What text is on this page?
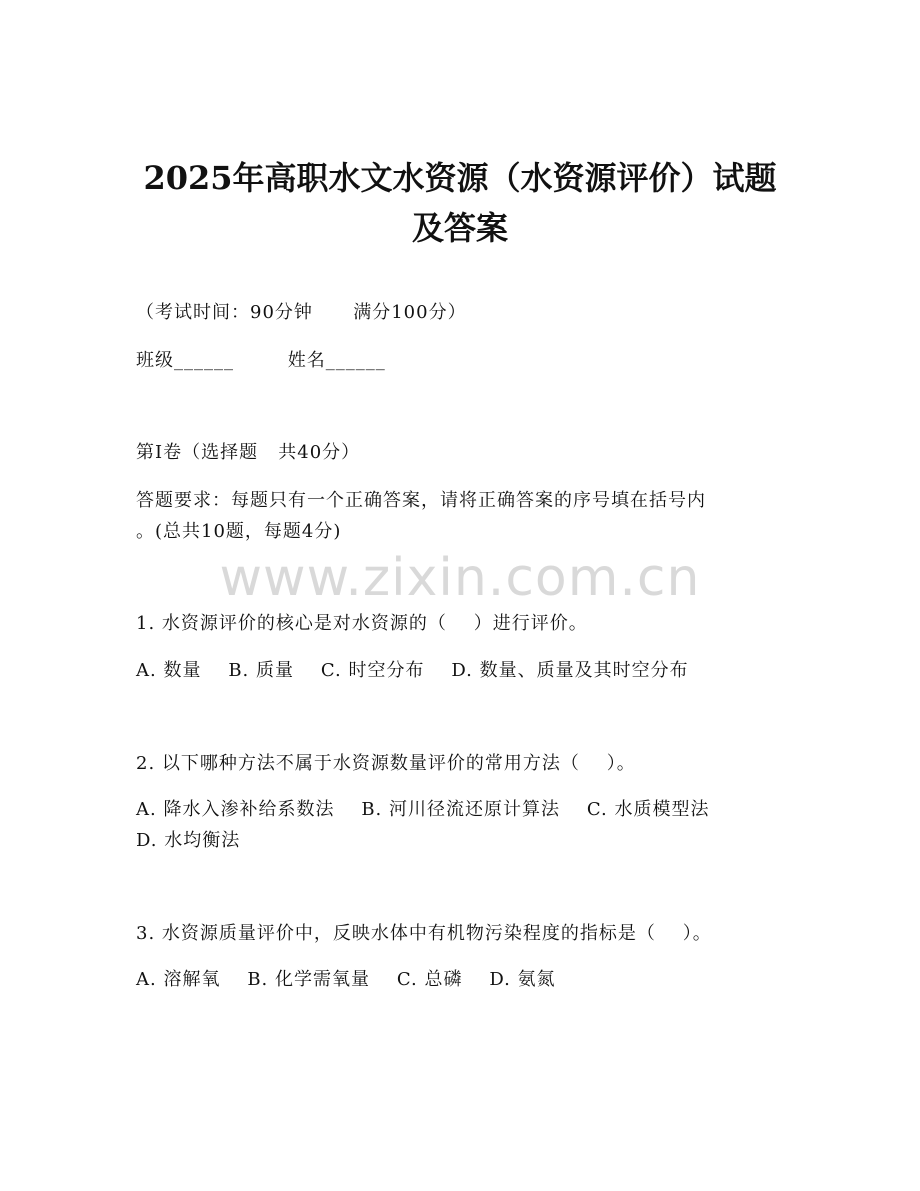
2025年高职水文水资源（水资源评价）试题
及答案
（考试时间：90分钟      满分100分）
班级______        姓名______
第I卷（选择题   共40分）
答题要求：每题只有一个正确答案，请将正确答案的序号填在括号内
。(总共10题，每题4分)
www.zixin.com.cn
1. 水资源评价的核心是对水资源的（    ）进行评价。
A. 数量    B. 质量    C. 时空分布    D. 数量、质量及其时空分布
2. 以下哪种方法不属于水资源数量评价的常用方法（    ）。
A. 降水入渗补给系数法    B. 河川径流还原计算法    C. 水质模型法
D. 水均衡法
3. 水资源质量评价中，反映水体中有机物污染程度的指标是（    ）。
A. 溶解氧    B. 化学需氧量    C. 总磷    D. 氨氮
